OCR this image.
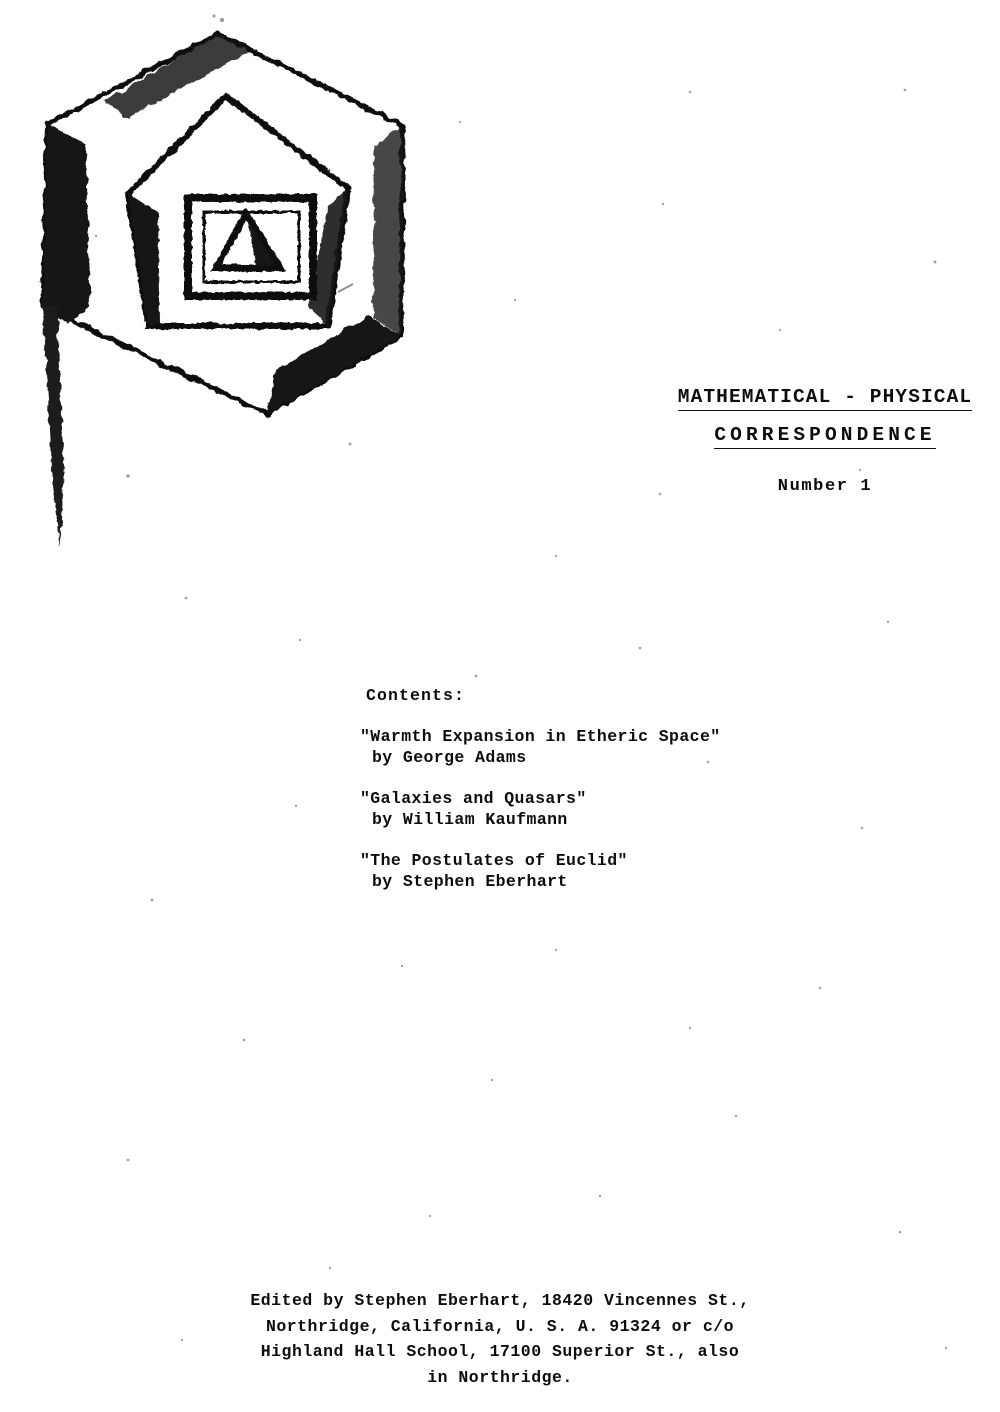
MATHEMATICAL - PHYSICAL CORRESPONDENCE
Number 1
Contents:
"Warmth Expansion in Etheric Space"
by George Adams
"Galaxies and Quasars"
by William Kaufmann
"The Postulates of Euclid"
by Stephen Eberhart
Edited by Stephen Eberhart, 18420 Vincennes St.,
Northridge, California, U. S. A. 91324 or c/o
Highland Hall School, 17100 Superior St., also
in Northridge.
